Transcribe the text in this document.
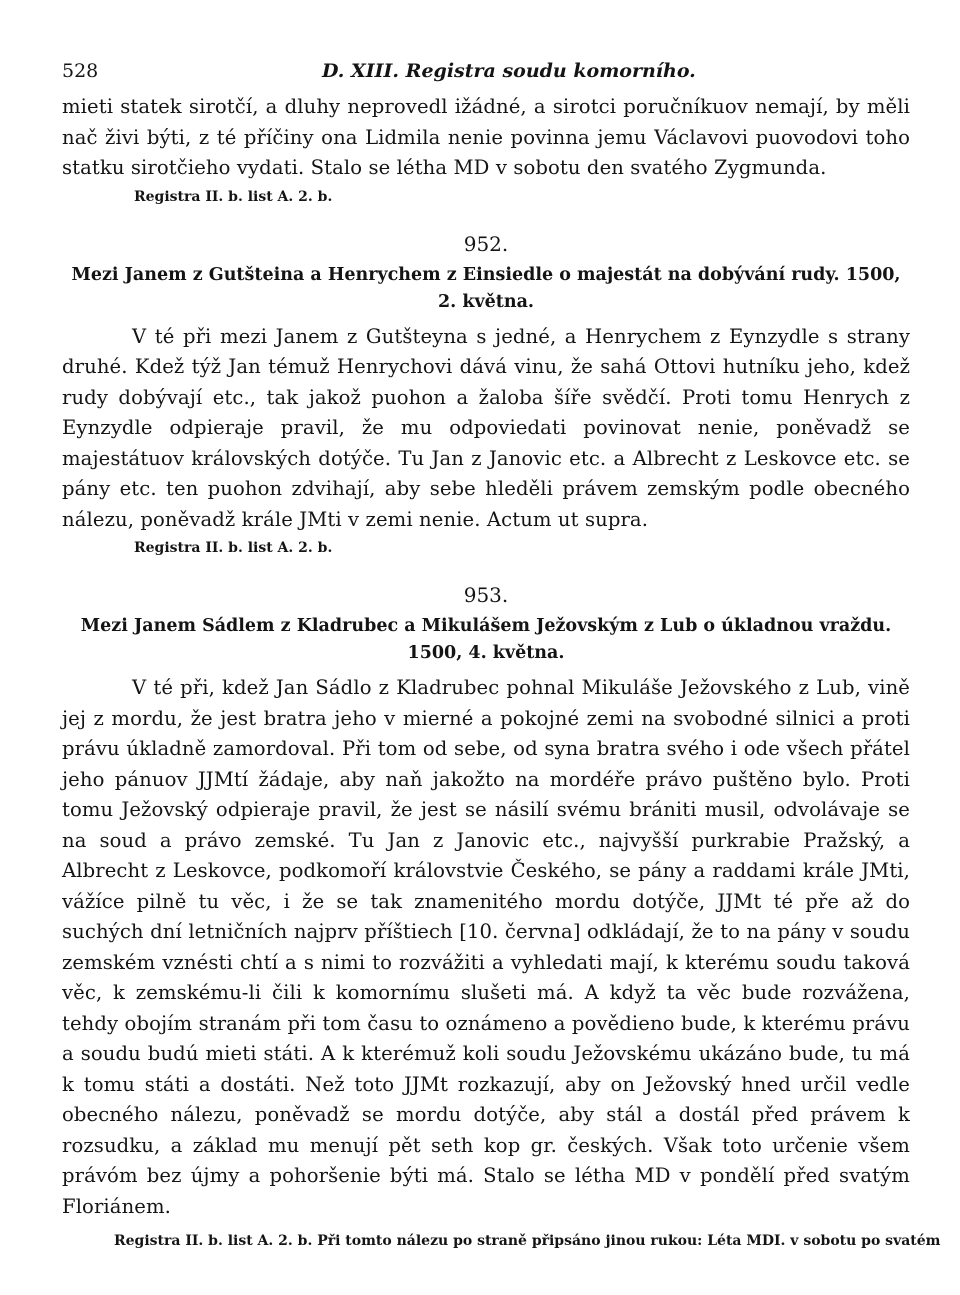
528	D. XIII. Registra soudu komorního.

mieti statek sirotčí, a dluhy neprovedl ižádné, a sirotci poručníkuov nemají, by měli nač živi býti, z té příčiny ona Lidmila nenie povinna jemu Václavovi puovodovi toho statku sirotčieho vydati. Stalo se létha MD v sobotu den svatého Zygmunda.

Registra II. b. list A. 2. b.

952.
Mezi Janem z Gutšteina a Henrychem z Einsiedle o majestát na dobývání rudy. 1500, 2. května.

V té při mezi Janem z Gutšteyna s jedné, a Henrychem z Eynzydle s strany druhé. Kdež týž Jan témuž Henrychovi dává vinu, že sahá Ottovi hutníku jeho, kdež rudy dobývají etc., tak jakož puohon a žaloba šíře svědčí. Proti tomu Henrych z Eynzydle odpieraje pravil, že mu odpoviedati povinovat nenie, poněvadž se majestátuov královských dotýče. Tu Jan z Janovic etc. a Albrecht z Leskovce etc. se pány etc. ten puohon zdvihají, aby sebe hleděli právem zemským podle obecného nálezu, poněvadž krále JMti v zemi nenie. Actum ut supra.

Registra II. b. list A. 2. b.

953.
Mezi Janem Sádlem z Kladrubec a Mikulášem Ježovským z Lub o úkladnou vraždu.
1500, 4. května.

V té při, kdež Jan Sádlo z Kladrubec pohnal Mikuláše Ježovského z Lub, vině jej z mordu, že jest bratra jeho v mierné a pokojné zemi na svobodné silnici a proti právu úkladně zamordoval. Při tom od sebe, od syna bratra svého i ode všech přátel jeho pánuov JJMtí žádaje, aby naň jakožto na mordéře právo puštěno bylo. Proti tomu Ježovský odpieraje pravil, že jest se násilí svému brániti musil, odvolávaje se na soud a právo zemské. Tu Jan z Janovic etc., najvyšší purkrabie Pražský, a Albrecht z Leskovce, podkomoří královstvie Českého, se pány a raddami krále JMti, vážíce pilně tu věc, i že se tak znamenitého mordu dotýče, JJMt té pře až do suchých dní letničních najprv příštiech [10. června] odkládají, že to na pány v soudu zemském vznésti chtí a s nimi to rozvážiti a vyhledati mají, k kterému soudu taková věc, k zemskému-li čili k komornímu slušeti má. A když ta věc bude rozvážena, tehdy obojím stranám při tom času to oznámeno a povědieno bude, k kterému právu a soudu budú mieti státi. A k kterémuž koli soudu Ježovskému ukázáno bude, tu má k tomu státi a dostáti. Než toto JJMt rozkazují, aby on Ježovský hned určil vedle obecného nálezu, poněvadž se mordu dotýče, aby stál a dostál před právem k rozsudku, a základ mu menují pět seth kop gr. českých. Však toto určenie všem právóm bez újmy a pohoršenie býti má. Stalo se létha MD v pondělí před svatým Floriánem.

Registra II. b. list A. 2. b. Při tomto nálezu po straně připsáno jinou rukou: Léta MDI. v sobotu po svatém
